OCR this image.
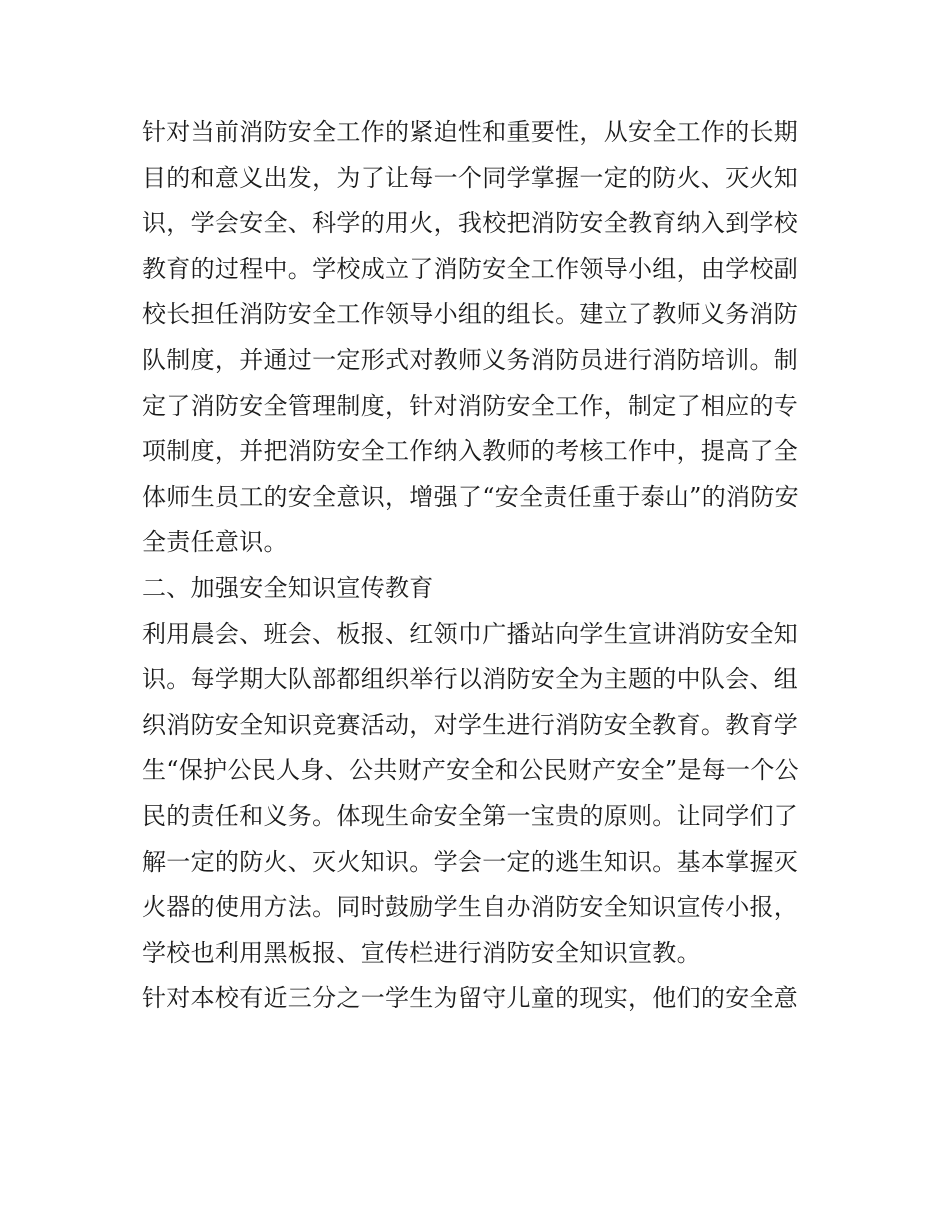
针对当前消防安全工作的紧迫性和重要性，从安全工作的长期
目的和意义出发，为了让每一个同学掌握一定的防火、灭火知
识，学会安全、科学的用火，我校把消防安全教育纳入到学校
教育的过程中。学校成立了消防安全工作领导小组，由学校副
校长担任消防安全工作领导小组的组长。建立了教师义务消防
队制度，并通过一定形式对教师义务消防员进行消防培训。制
定了消防安全管理制度，针对消防安全工作，制定了相应的专
项制度，并把消防安全工作纳入教师的考核工作中，提高了全
体师生员工的安全意识，增强了“安全责任重于泰山”的消防安
全责任意识。
二、加强安全知识宣传教育
利用晨会、班会、板报、红领巾广播站向学生宣讲消防安全知
识。每学期大队部都组织举行以消防安全为主题的中队会、组
织消防安全知识竞赛活动，对学生进行消防安全教育。教育学
生“保护公民人身、公共财产安全和公民财产安全”是每一个公
民的责任和义务。体现生命安全第一宝贵的原则。让同学们了
解一定的防火、灭火知识。学会一定的逃生知识。基本掌握灭
火器的使用方法。同时鼓励学生自办消防安全知识宣传小报，
学校也利用黑板报、宣传栏进行消防安全知识宣教。
针对本校有近三分之一学生为留守儿童的现实，他们的安全意
